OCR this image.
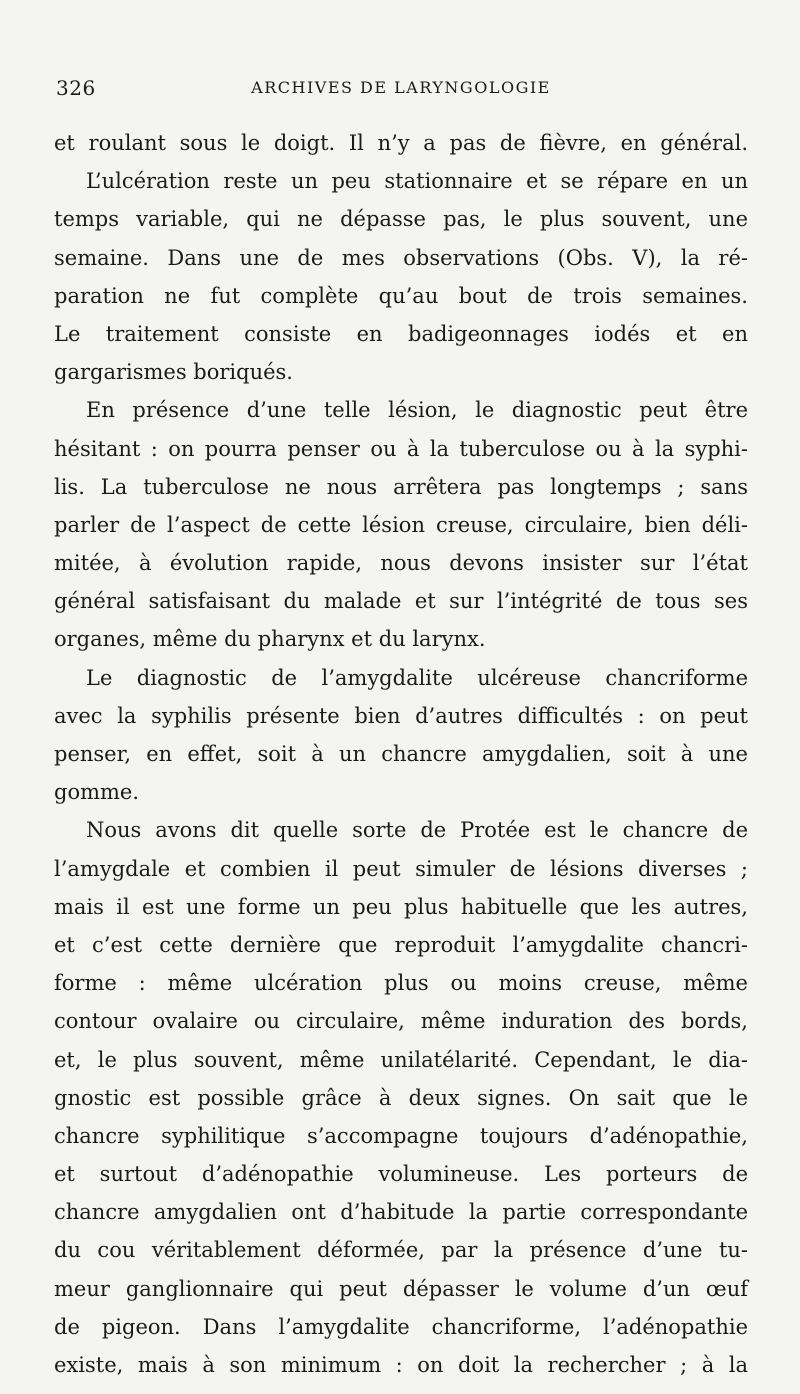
326	ARCHIVES DE LARYNGOLOGIE
et roulant sous le doigt. Il n’y a pas de fièvre, en général.
L’ulcération reste un peu stationnaire et se répare en un
temps variable, qui ne dépasse pas, le plus souvent, une
semaine. Dans une de mes observations (Obs. V), la ré-
paration ne fut complète qu’au bout de trois semaines.
Le traitement consiste en badigeonnages iodés et en
gargarismes boriqués.
En présence d’une telle lésion, le diagnostic peut être
hésitant : on pourra penser ou à la tuberculose ou à la syphi-
lis. La tuberculose ne nous arrêtera pas longtemps ; sans
parler de l’aspect de cette lésion creuse, circulaire, bien déli-
mitée, à évolution rapide, nous devons insister sur l’état
général satisfaisant du malade et sur l’intégrité de tous ses
organes, même du pharynx et du larynx.
Le diagnostic de l’amygdalite ulcéreuse chancriforme
avec la syphilis présente bien d’autres difficultés : on peut
penser, en effet, soit à un chancre amygdalien, soit à une
gomme.
Nous avons dit quelle sorte de Protée est le chancre de
l’amygdale et combien il peut simuler de lésions diverses ;
mais il est une forme un peu plus habituelle que les autres,
et c’est cette dernière que reproduit l’amygdalite chancri-
forme : même ulcération plus ou moins creuse, même
contour ovalaire ou circulaire, même induration des bords,
et, le plus souvent, même unilatélarité. Cependant, le dia-
gnostic est possible grâce à deux signes. On sait que le
chancre syphilitique s’accompagne toujours d’adénopathie,
et surtout d’adénopathie volumineuse. Les porteurs de
chancre amygdalien ont d’habitude la partie correspondante
du cou véritablement déformée, par la présence d’une tu-
meur ganglionnaire qui peut dépasser le volume d’un œuf
de pigeon. Dans l’amygdalite chancriforme, l’adénopathie
existe, mais à son minimum : on doit la rechercher ; à la
